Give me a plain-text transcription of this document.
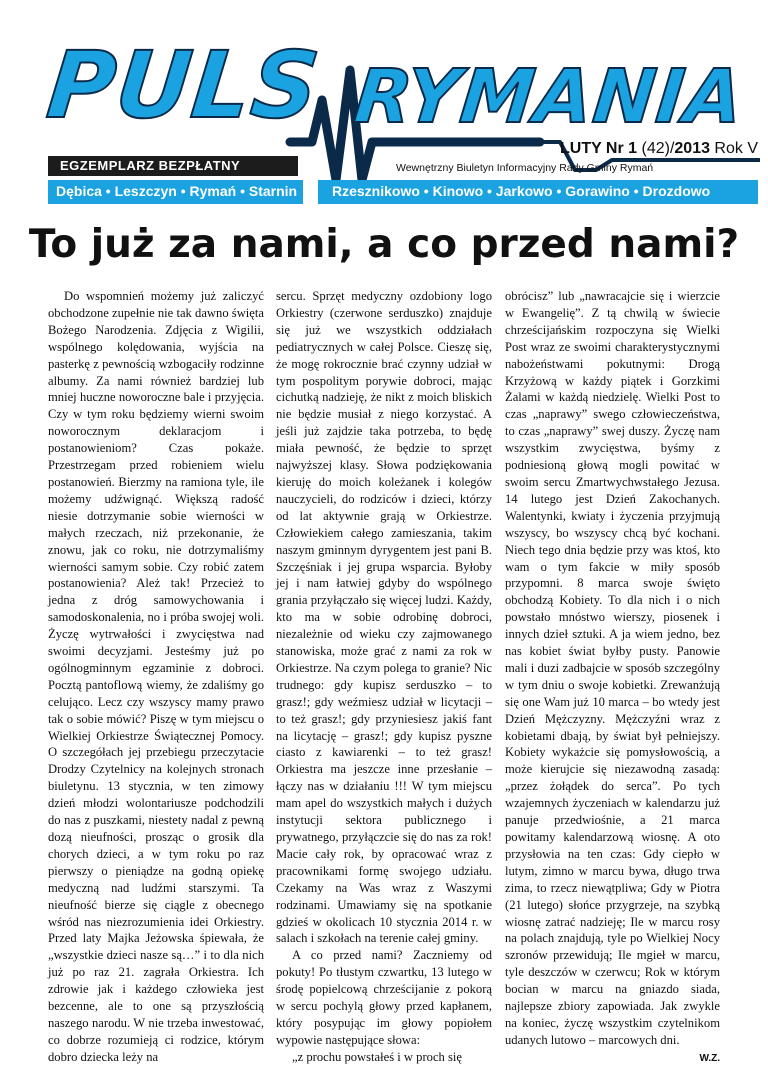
PULS RYMANIA
LUTY Nr 1 (42)/2013 Rok V
EGZEMPLARZ BEZPŁATNY	Wewnętrzny Biuletyn Informacyjny Rady Gminy Rymań
Dębica • Leszczyn • Rymań • Starnin	Rzesznikowo • Kinowo • Jarkowo • Gorawino • Drozdowo
To już za nami, a co przed nami?

Do wspomnień możemy już zaliczyć obchodzone zupełnie nie tak dawno święta Bożego Narodzenia. Zdjęcia z Wigilii, wspólnego kolędowania, wyjścia na pasterkę z pewnością wzbogaciły rodzinne albumy. Za nami również bardziej lub mniej huczne noworoczne bale i przyjęcia. Czy w tym roku będziemy wierni swoim noworocznym deklaracjom i postanowieniom? Czas pokaże. Przestrzegam przed robieniem wielu postanowień. Bierzmy na ramiona tyle, ile możemy udźwignąć. Większą radość niesie dotrzymanie sobie wierności w małych rzeczach, niż przekonanie, że znowu, jak co roku, nie dotrzymaliśmy wierności samym sobie. Czy robić zatem postanowienia? Ależ tak! Przecież to jedna z dróg samowychowania i samodoskonalenia, no i próba swojej woli. Życzę wytrwałości i zwycięstwa nad swoimi decyzjami. Jesteśmy już po ogólnogminnym egzaminie z dobroci. Pocztą pantoflową wiemy, że zdaliśmy go celująco. Lecz czy wszyscy mamy prawo tak o sobie mówić? Piszę w tym miejscu o Wielkiej Orkiestrze Świątecznej Pomocy. O szczegółach jej przebiegu przeczytacie Drodzy Czytelnicy na kolejnych stronach biuletynu. 13 stycznia, w ten zimowy dzień młodzi wolontariusze podchodzili do nas z puszkami, niestety nadal z pewną dozą nieufności, prosząc o grosik dla chorych dzieci, a w tym roku po raz pierwszy o pieniądze na godną opiekę medyczną nad ludźmi starszymi. Ta nieufność bierze się ciągle z obecnego wśród nas niezrozumienia idei Orkiestry. Przed laty Majka Jeżowska śpiewała, że „wszystkie dzieci nasze są…” i to dla nich już po raz 21. zagrała Orkiestra. Ich zdrowie jak i każdego człowieka jest bezcenne, ale to one są przyszłością naszego narodu. W nie trzeba inwestować, co dobrze rozumieją ci rodzice, którym dobro dziecka leży na

sercu. Sprzęt medyczny ozdobiony logo Orkiestry (czerwone serduszko) znajduje się już we wszystkich oddziałach pediatrycznych w całej Polsce. Cieszę się, że mogę rokrocznie brać czynny udział w tym pospolitym porywie dobroci, mając cichutką nadzieję, że nikt z moich bliskich nie będzie musiał z niego korzystać. A jeśli już zajdzie taka potrzeba, to będę miała pewność, że będzie to sprzęt najwyższej klasy. Słowa podziękowania kieruję do moich koleżanek i kolegów nauczycieli, do rodziców i dzieci, którzy od lat aktywnie grają w Orkiestrze. Człowiekiem całego zamieszania, takim naszym gminnym dyrygentem jest pani B. Szczęśniak i jej grupa wsparcia. Byłoby jej i nam łatwiej gdyby do wspólnego grania przyłączało się więcej ludzi. Każdy, kto ma w sobie odrobinę dobroci, niezależnie od wieku czy zajmowanego stanowiska, może grać z nami za rok w Orkiestrze. Na czym polega to granie? Nic trudnego: gdy kupisz serduszko – to grasz!; gdy weźmiesz udział w licytacji – to też grasz!; gdy przyniesiesz jakiś fant na licytację – grasz!; gdy kupisz pyszne ciasto z kawiarenki – to też grasz! Orkiestra ma jeszcze inne przesłanie – łączy nas w działaniu !!! W tym miejscu mam apel do wszystkich małych i dużych instytucji sektora publicznego i prywatnego, przyłączcie się do nas za rok! Macie cały rok, by opracować wraz z pracownikami formę swojego udziału. Czekamy na Was wraz z Waszymi rodzinami. Umawiamy się na spotkanie gdzieś w okolicach 10 stycznia 2014 r. w salach i szkołach na terenie całej gminy.
A co przed nami? Zaczniemy od pokuty! Po tłustym czwartku, 13 lutego w środę popielcową chrześcijanie z pokorą w sercu pochylą głowy przed kapłanem, który posypując im głowy popiołem wypowie następujące słowa:
„z prochu powstałeś i w proch się
obrócisz” lub „nawracajcie się i wierzcie w Ewangelię”. Z tą chwilą w świecie chrześcijańskim rozpoczyna się Wielki Post wraz ze swoimi charakterystycznymi nabożeństwami pokutnymi: Drogą Krzyżową w każdy piątek i Gorzkimi Żalami w każdą niedzielę. Wielki Post to czas „naprawy” swego człowieczeństwa, to czas „naprawy” swej duszy. Życzę nam wszystkim zwycięstwa, byśmy z podniesioną głową mogli powitać w swoim sercu Zmartwychwstałego Jezusa. 14 lutego jest Dzień Zakochanych. Walentynki, kwiaty i życzenia przyjmują wszyscy, bo wszyscy chcą być kochani. Niech tego dnia będzie przy was ktoś, kto wam o tym fakcie w miły sposób przypomni. 8 marca swoje święto obchodzą Kobiety. To dla nich i o nich powstało mnóstwo wierszy, piosenek i innych dzieł sztuki. A ja wiem jedno, bez nas kobiet świat byłby pusty. Panowie mali i duzi zadbajcie w sposób szczególny w tym dniu o swoje kobietki. Zrewanżują się one Wam już 10 marca – bo wtedy jest Dzień Mężczyzny. Mężczyźni wraz z kobietami dbają, by świat był pełniejszy. Kobiety wykażcie się pomysłowością, a może kierujcie się niezawodną zasadą: „przez żołądek do serca”. Po tych wzajemnych życzeniach w kalendarzu już panuje przedwiośnie, a 21 marca powitamy kalendarzową wiosnę. A oto przysłowia na ten czas: Gdy ciepło w lutym, zimno w marcu bywa, długo trwa zima, to rzecz niewątpliwa; Gdy w Piotra (21 lutego) słońce przygrzeje, na szybką wiosnę zatrać nadzieję; Ile w marcu rosy na polach znajdują, tyle po Wielkiej Nocy szronów przewidują; Ile mgieł w marcu, tyle deszczów w czerwcu; Rok w którym bocian w marcu na gniazdo siada, najlepsze zbiory zapowiada. Jak zwykle na koniec, życzę wszystkim czytelnikom udanych lutowo – marcowych dni.
W.Z.
